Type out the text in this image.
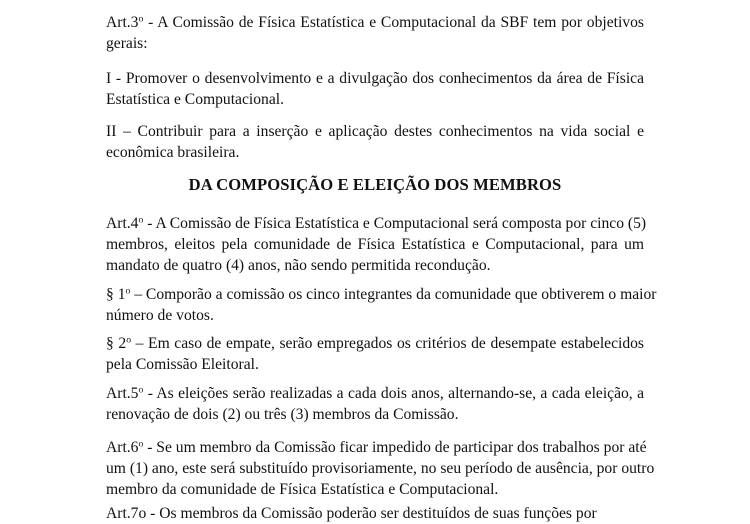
Art.3$^o$ - A Comissão de Física Estatística e Computacional da SBF tem por objetivos
gerais:

I - Promover o desenvolvimento e a divulgação dos conhecimentos da área de Física
Estatística e Computacional.

II – Contribuir para a inserção e aplicação destes conhecimentos na vida social e
econômica brasileira.

DA COMPOSIÇÃO E ELEIÇÃO DOS MEMBROS

Art.4$^o$ - A Comissão de Física Estatística e Computacional será composta por cinco (5)
membros, eleitos pela comunidade de Física Estatística e Computacional, para um
mandato de quatro (4) anos, não sendo permitida recondução.

§ 1$^o$ – Comporão a comissão os cinco integrantes da comunidade que obtiverem o maior
número de votos.

§ 2$^o$ – Em caso de empate, serão empregados os critérios de desempate estabelecidos
pela Comissão Eleitoral.

Art.5$^o$ - As eleições serão realizadas a cada dois anos, alternando-se, a cada eleição, a
renovação de dois (2) ou três (3) membros da Comissão.

Art.6$^o$ - Se um membro da Comissão ficar impedido de participar dos trabalhos por até
um (1) ano, este será substituído provisoriamente, no seu período de ausência, por outro
membro da comunidade de Física Estatística e Computacional.

Art.7o - Os membros da Comissão poderão ser destituídos de suas funções por
